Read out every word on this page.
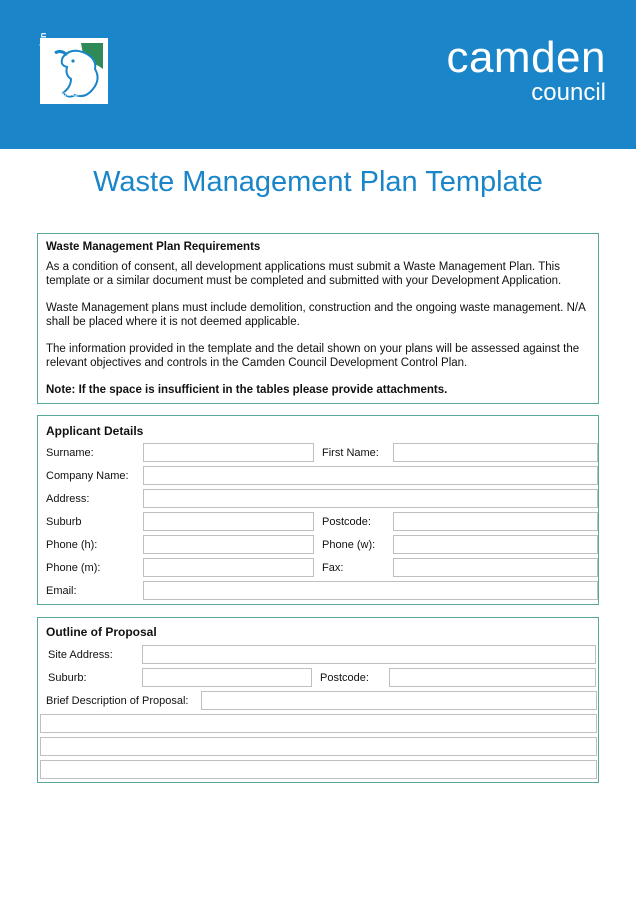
camden
council
camden
council
Waste Management Plan Template

Waste Management Plan Requirements

As a condition of consent, all development applications must submit a Waste Management Plan. This template or a similar document must be completed and submitted with your Development Application.

Waste Management plans must include demolition, construction and the ongoing waste management. N/A shall be placed where it is not deemed applicable.

The information provided in the template and the detail shown on your plans will be assessed against the relevant objectives and controls in the Camden Council Development Control Plan.

Note: If the space is insufficient in the tables please provide attachments.

Applicant Details
Surname:	First Name:
Company Name:
Address:
Suburb	Postcode:
Phone (h):	Phone (w):
Phone (m):	Fax:
Email:
Outline of Proposal
Site Address:
Suburb:	Postcode:
Brief Description of Proposal:
